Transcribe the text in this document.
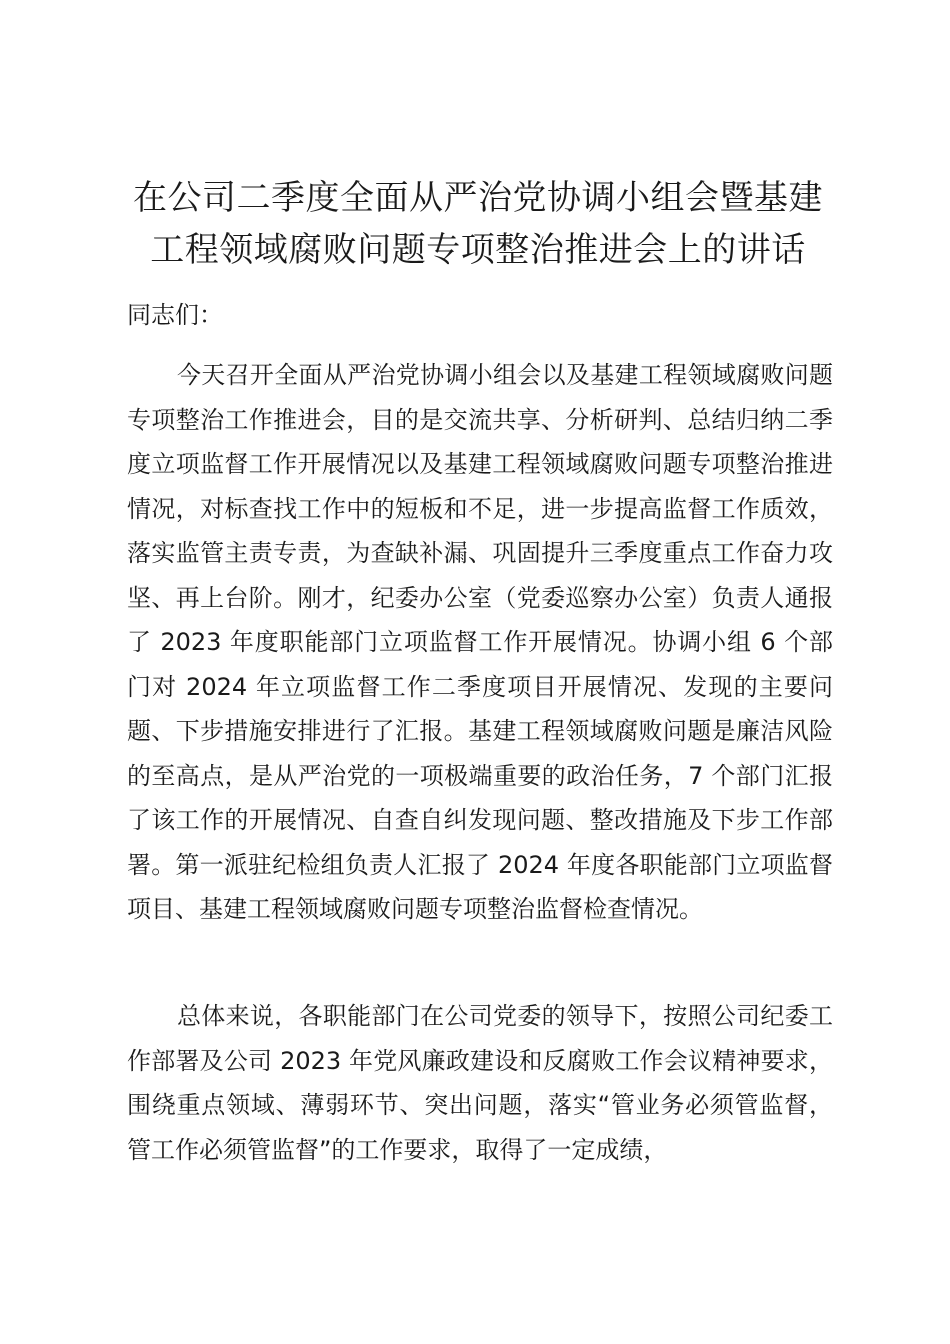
在公司二季度全面从严治党协调小组会暨基建
工程领域腐败问题专项整治推进会上的讲话

同志们：

今天召开全面从严治党协调小组会以及基建工程领域腐败问题专项整治工作推进会，目的是交流共享、分析研判、总结归纳二季度立项监督工作开展情况以及基建工程领域腐败问题专项整治推进情况，对标查找工作中的短板和不足，进一步提高监督工作质效，落实监管主责专责，为查缺补漏、巩固提升三季度重点工作奋力攻坚、再上台阶。刚才，纪委办公室（党委巡察办公室）负责人通报了 2023 年度职能部门立项监督工作开展情况。协调小组 6 个部门对 2024 年立项监督工作二季度项目开展情况、发现的主要问题、下步措施安排进行了汇报。基建工程领域腐败问题是廉洁风险的至高点，是从严治党的一项极端重要的政治任务，7 个部门汇报了该工作的开展情况、自查自纠发现问题、整改措施及下步工作部署。第一派驻纪检组负责人汇报了 2024 年度各职能部门立项监督项目、基建工程领域腐败问题专项整治监督检查情况。

总体来说，各职能部门在公司党委的领导下，按照公司纪委工作部署及公司 2023 年党风廉政建设和反腐败工作会议精神要求，围绕重点领域、薄弱环节、突出问题，落实“管业务必须管监督，管工作必须管监督”的工作要求，取得了一定成绩，
